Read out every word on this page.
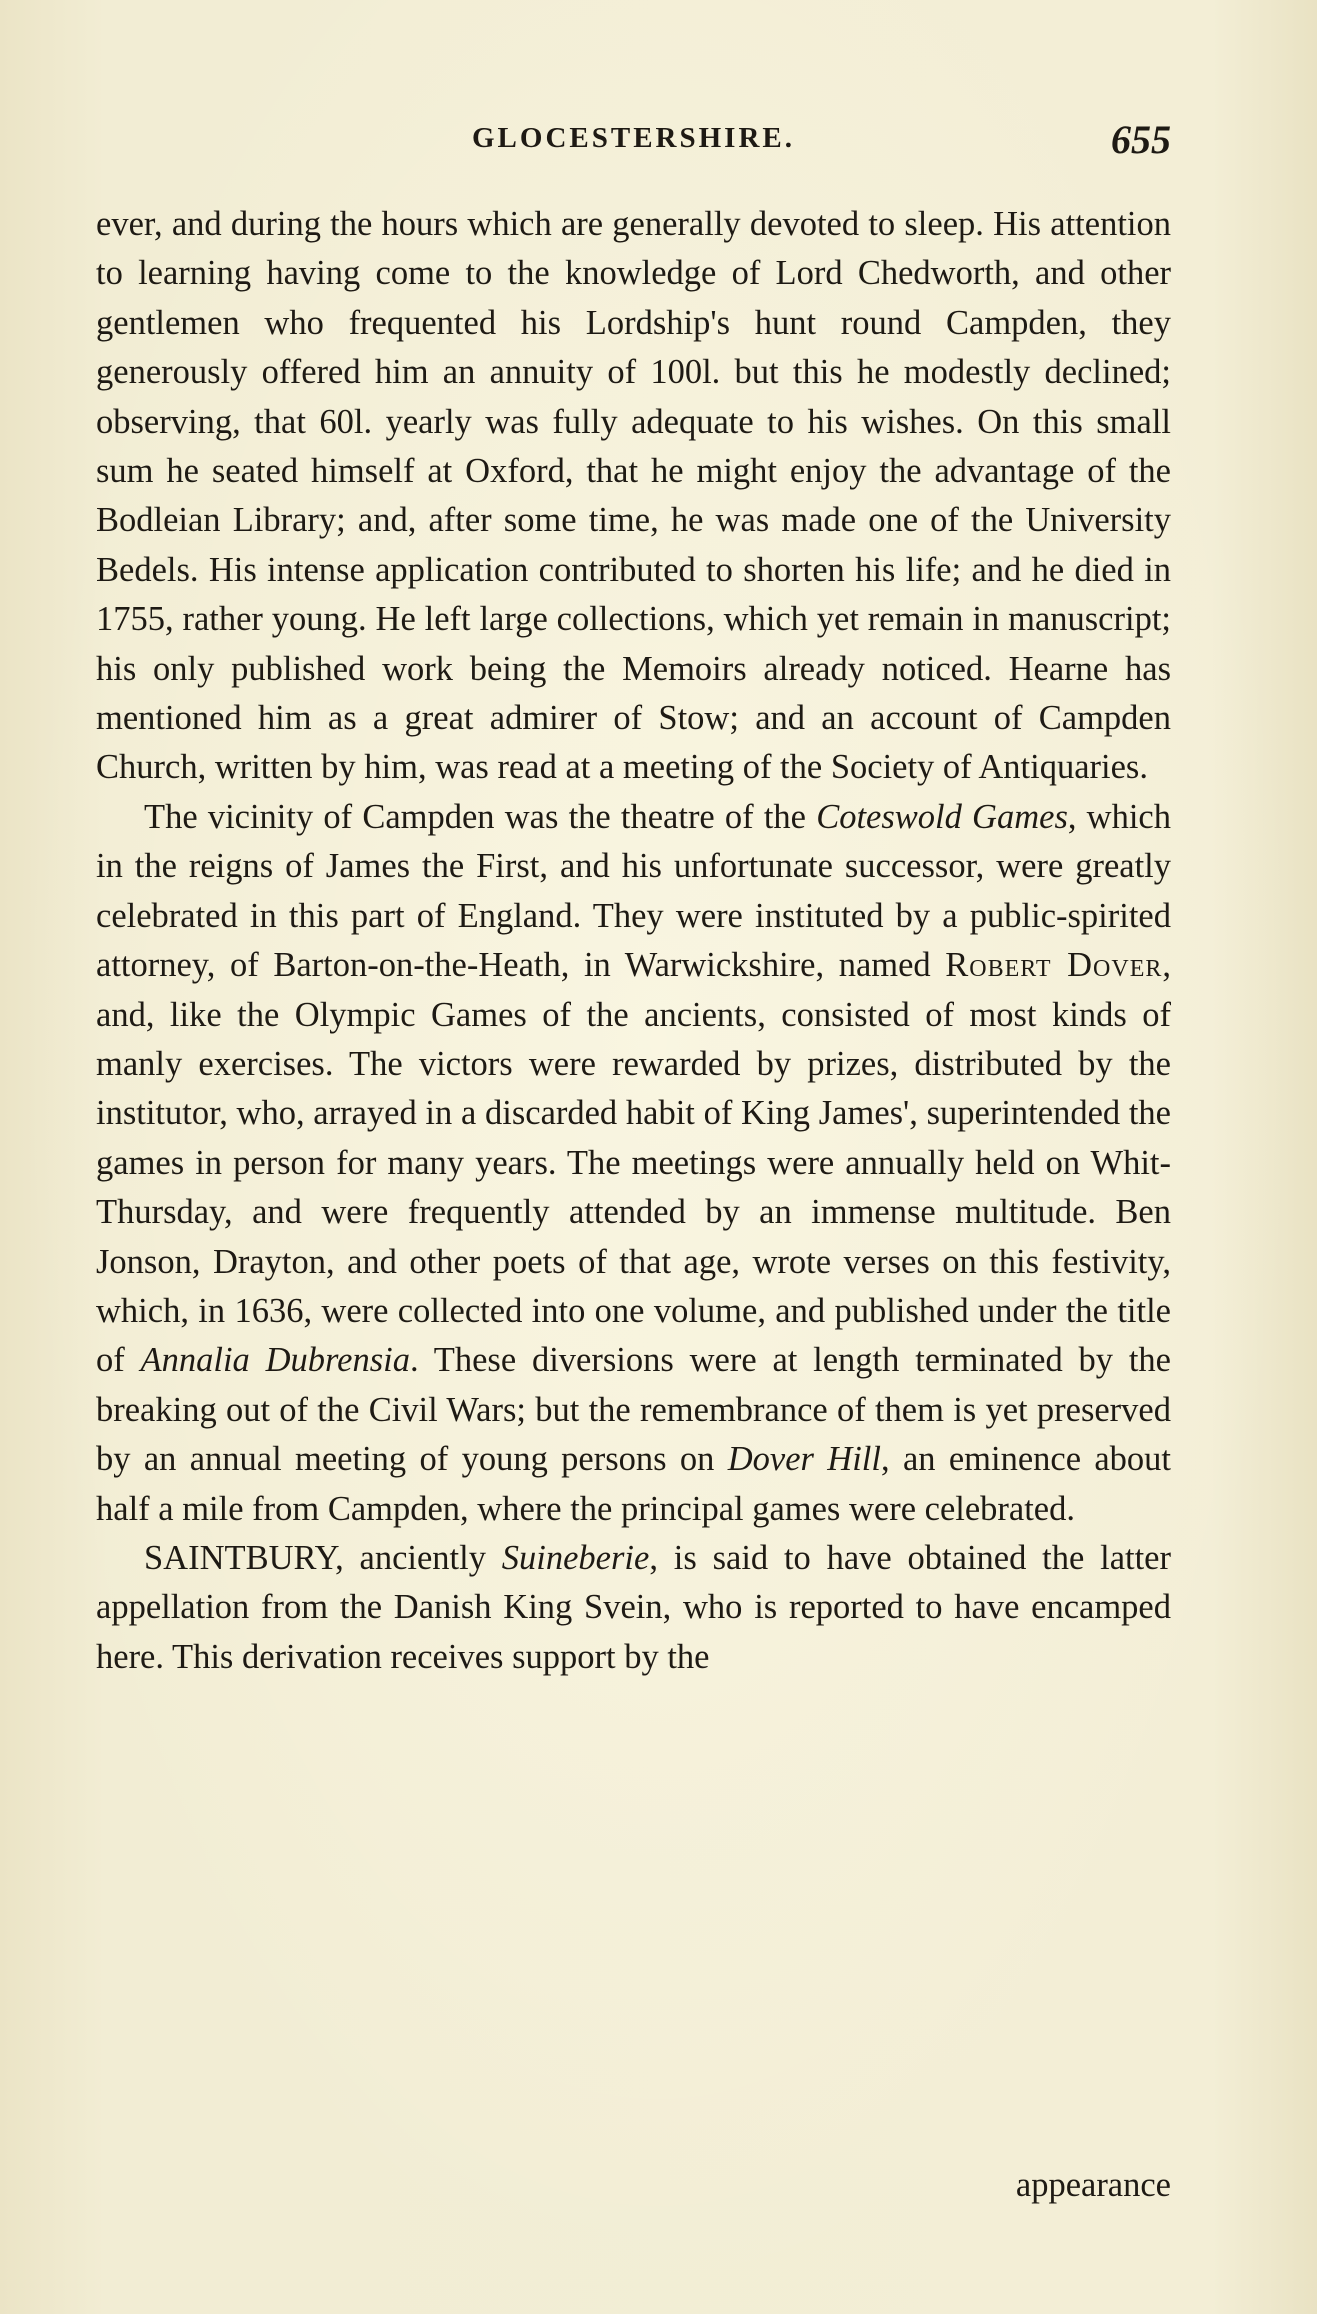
GLOCESTERSHIRE.	655

ever, and during the hours which are generally devoted to sleep. His attention to learning having come to the knowledge of Lord Chedworth, and other gentlemen who frequented his Lordship's hunt round Campden, they generously offered him an annuity of 100l. but this he modestly declined; observing, that 60l. yearly was fully adequate to his wishes. On this small sum he seated himself at Oxford, that he might enjoy the advantage of the Bodleian Library; and, after some time, he was made one of the University Bedels. His intense application contributed to shorten his life; and he died in 1755, rather young. He left large collections, which yet remain in manuscript; his only published work being the Memoirs already noticed. Hearne has mentioned him as a great admirer of Stow; and an account of Campden Church, written by him, was read at a meeting of the Society of Antiquaries.

The vicinity of Campden was the theatre of the Coteswold Games, which in the reigns of James the First, and his unfortunate successor, were greatly celebrated in this part of England. They were instituted by a public-spirited attorney, of Barton-on-the-Heath, in Warwickshire, named Robert Dover, and, like the Olympic Games of the ancients, consisted of most kinds of manly exercises. The victors were rewarded by prizes, distributed by the institutor, who, arrayed in a discarded habit of King James', superintended the games in person for many years. The meetings were annually held on Whit-Thursday, and were frequently attended by an immense multitude. Ben Jonson, Drayton, and other poets of that age, wrote verses on this festivity, which, in 1636, were collected into one volume, and published under the title of Annalia Dubrensia. These diversions were at length terminated by the breaking out of the Civil Wars; but the remembrance of them is yet preserved by an annual meeting of young persons on Dover Hill, an eminence about half a mile from Campden, where the principal games were celebrated.

SAINTBURY, anciently Suineberie, is said to have obtained the latter appellation from the Danish King Svein, who is reported to have encamped here. This derivation receives support by the

appearance
